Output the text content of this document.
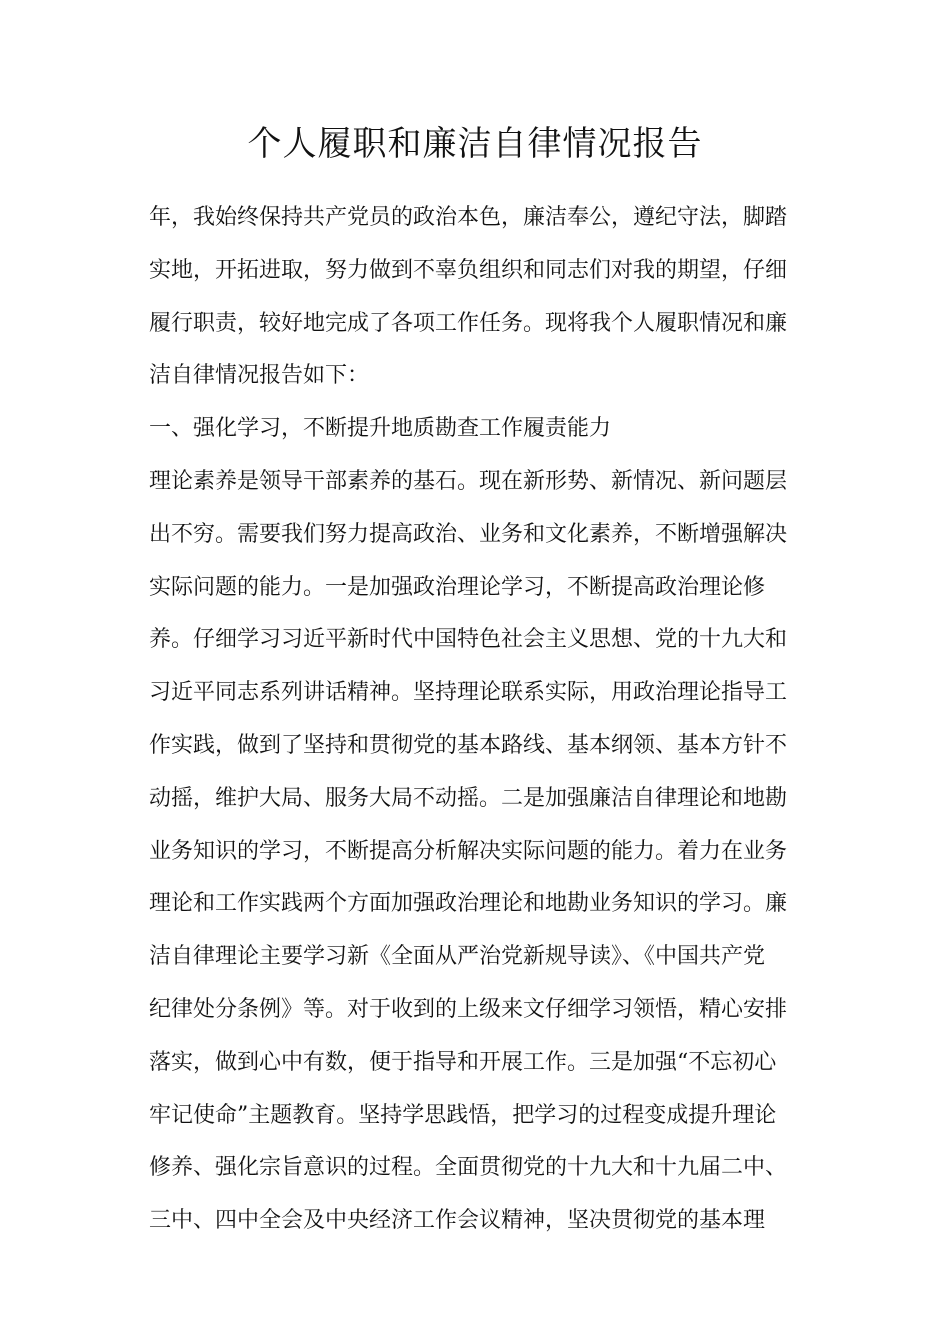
个人履职和廉洁自律情况报告
年，我始终保持共产党员的政治本色，廉洁奉公，遵纪守法，脚踏
实地，开拓进取，努力做到不辜负组织和同志们对我的期望，仔细
履行职责，较好地完成了各项工作任务。现将我个人履职情况和廉
洁自律情况报告如下：
一、强化学习，不断提升地质勘查工作履责能力
理论素养是领导干部素养的基石。现在新形势、新情况、新问题层
出不穷。需要我们努力提高政治、业务和文化素养，不断增强解决
实际问题的能力。一是加强政治理论学习，不断提高政治理论修
养。仔细学习习近平新时代中国特色社会主义思想、党的十九大和
习近平同志系列讲话精神。坚持理论联系实际，用政治理论指导工
作实践，做到了坚持和贯彻党的基本路线、基本纲领、基本方针不
动摇，维护大局、服务大局不动摇。二是加强廉洁自律理论和地勘
业务知识的学习，不断提高分析解决实际问题的能力。着力在业务
理论和工作实践两个方面加强政治理论和地勘业务知识的学习。廉
洁自律理论主要学习新《全面从严治党新规导读》、《中国共产党
纪律处分条例》等。对于收到的上级来文仔细学习领悟，精心安排
落实，做到心中有数，便于指导和开展工作。三是加强“不忘初心
牢记使命”主题教育。坚持学思践悟，把学习的过程变成提升理论
修养、强化宗旨意识的过程。全面贯彻党的十九大和十九届二中、
三中、四中全会及中央经济工作会议精神，坚决贯彻党的基本理
